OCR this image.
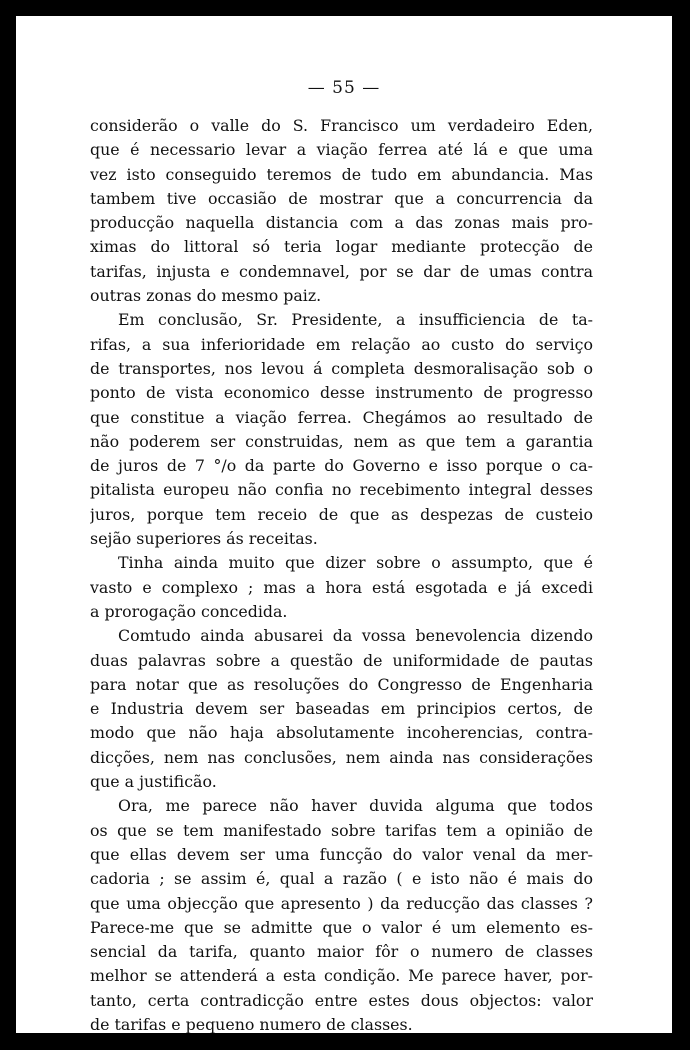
— 55 —
considerão o valle do S. Francisco um verdadeiro Eden,
que é necessario levar a viação ferrea até lá e que uma
vez isto conseguido teremos de tudo em abundancia. Mas
tambem tive occasião de mostrar que a concurrencia da
producção naquella distancia com a das zonas mais pro-
ximas do littoral só teria logar mediante protecção de
tarifas, injusta e condemnavel, por se dar de umas contra
outras zonas do mesmo paiz.
Em conclusão, Sr. Presidente, a insufficiencia de ta-
rifas, a sua inferioridade em relação ao custo do serviço
de transportes, nos levou á completa desmoralisação sob o
ponto de vista economico desse instrumento de progresso
que constitue a viação ferrea. Chegámos ao resultado de
não poderem ser construidas, nem as que tem a garantia
de juros de 7 °/o da parte do Governo e isso porque o ca-
pitalista europeu não confia no recebimento integral desses
juros, porque tem receio de que as despezas de custeio
sejão superiores ás receitas.
Tinha ainda muito que dizer sobre o assumpto, que é
vasto e complexo ; mas a hora está esgotada e já excedi
a prorogação concedida.
Comtudo ainda abusarei da vossa benevolencia dizendo
duas palavras sobre a questão de uniformidade de pautas
para notar que as resoluções do Congresso de Engenharia
e Industria devem ser baseadas em principios certos, de
modo que não haja absolutamente incoherencias, contra-
dicções, nem nas conclusões, nem ainda nas considerações
que a justificão.
Ora, me parece não haver duvida alguma que todos
os que se tem manifestado sobre tarifas tem a opinião de
que ellas devem ser uma funcção do valor venal da mer-
cadoria ; se assim é, qual a razão ( e isto não é mais do
que uma objecção que apresento ) da reducção das classes ?
Parece-me que se admitte que o valor é um elemento es-
sencial da tarifa, quanto maior fôr o numero de classes
melhor se attenderá a esta condição. Me parece haver, por-
tanto, certa contradicção entre estes dous objectos: valor
de tarifas e pequeno numero de classes.
